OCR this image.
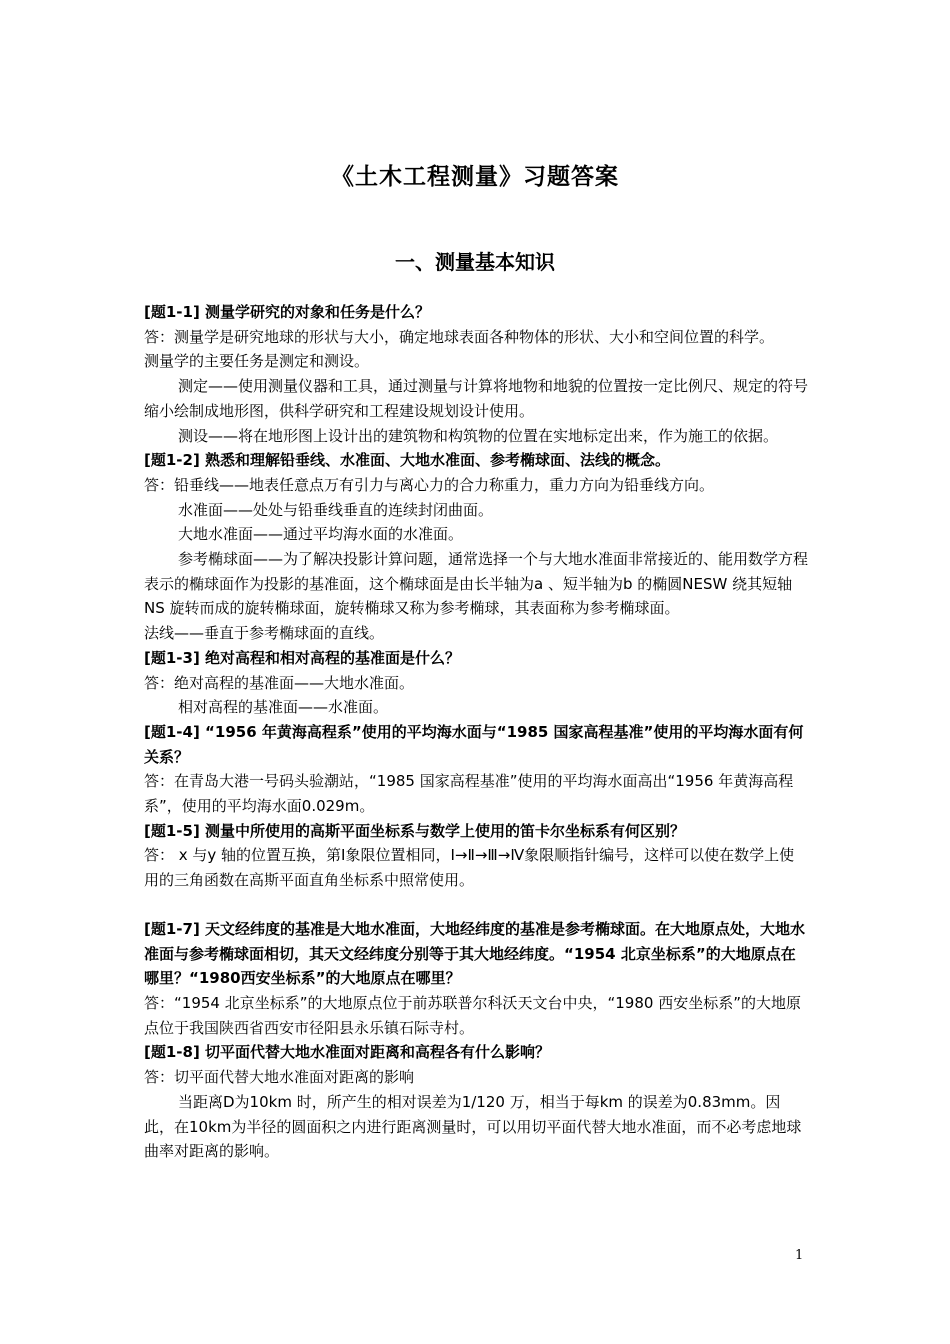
《土木工程测量》习题答案
一、测量基本知识

[题1-1] 测量学研究的对象和任务是什么？

答：测量学是研究地球的形状与大小，确定地球表面各种物体的形状、大小和空间位置的科学。

测量学的主要任务是测定和测设。

测定——使用测量仪器和工具，通过测量与计算将地物和地貌的位置按一定比例尺、规定的符号缩小绘制成地形图，供科学研究和工程建设规划设计使用。

测设——将在地形图上设计出的建筑物和构筑物的位置在实地标定出来，作为施工的依据。

[题1-2] 熟悉和理解铅垂线、水准面、大地水准面、参考椭球面、法线的概念。

答：铅垂线——地表任意点万有引力与离心力的合力称重力，重力方向为铅垂线方向。

水准面——处处与铅垂线垂直的连续封闭曲面。

大地水准面——通过平均海水面的水准面。

参考椭球面——为了解决投影计算问题，通常选择一个与大地水准面非常接近的、能用数学方程表示的椭球面作为投影的基准面，这个椭球面是由长半轴为a 、短半轴为b 的椭圆NESW 绕其短轴NS 旋转而成的旋转椭球面，旋转椭球又称为参考椭球，其表面称为参考椭球面。

法线——垂直于参考椭球面的直线。

[题1-3] 绝对高程和相对高程的基准面是什么？

答：绝对高程的基准面——大地水准面。

相对高程的基准面——水准面。

[题1-4] “1956 年黄海高程系”使用的平均海水面与“1985 国家高程基准”使用的平均海水面有何关系？

答：在青岛大港一号码头验潮站，“1985 国家高程基准”使用的平均海水面高出“1956 年黄海高程系”，使用的平均海水面0.029m。

[题1-5] 测量中所使用的高斯平面坐标系与数学上使用的笛卡尔坐标系有何区别？

答： x 与y 轴的位置互换，第Ⅰ象限位置相同，Ⅰ→Ⅱ→Ⅲ→Ⅳ象限顺指针编号，这样可以使在数学上使用的三角函数在高斯平面直角坐标系中照常使用。

[题1-7] 天文经纬度的基准是大地水准面，大地经纬度的基准是参考椭球面。在大地原点处，大地水准面与参考椭球面相切，其天文经纬度分别等于其大地经纬度。“1954 北京坐标系”的大地原点在哪里？“1980西安坐标系”的大地原点在哪里？

答：“1954 北京坐标系”的大地原点位于前苏联普尔科沃天文台中央，“1980 西安坐标系”的大地原点位于我国陕西省西安市径阳县永乐镇石际寺村。

[题1-8] 切平面代替大地水准面对距离和高程各有什么影响？

答：切平面代替大地水准面对距离的影响

当距离D为10km 时，所产生的相对误差为1/120 万，相当于每km 的误差为0.83mm。因此，在10km为半径的圆面积之内进行距离测量时，可以用切平面代替大地水准面，而不必考虑地球曲率对距离的影响。

1
